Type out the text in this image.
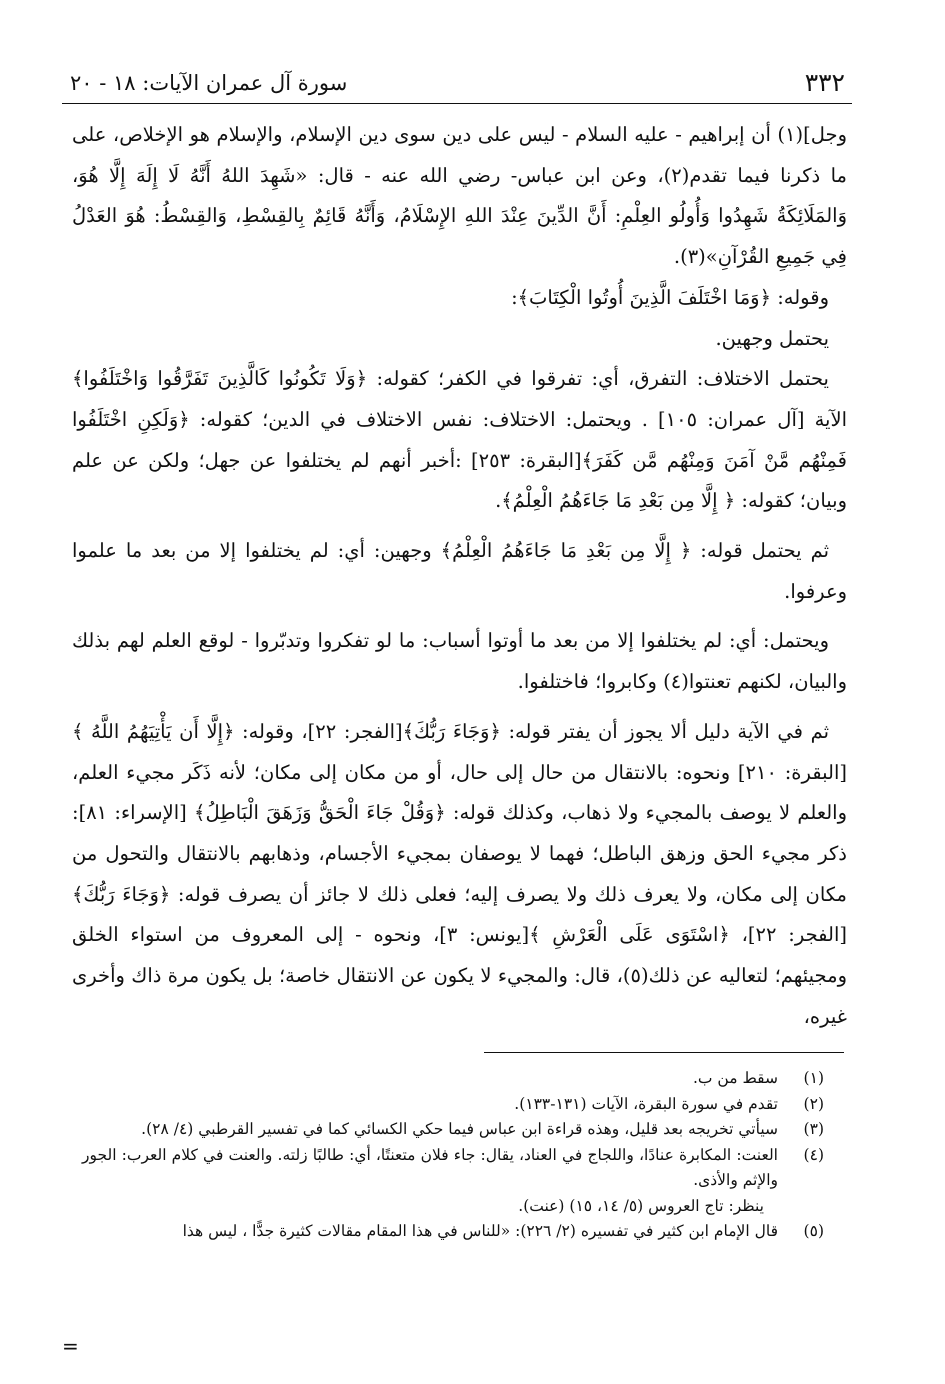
٣٣٢
سورة آل عمران الآيات: ١٨ - ٢٠

وجل](١) أن إبراهيم - عليه السلام - ليس على دين سوى دين الإسلام، والإسلام هو الإخلاص، على ما ذكرنا فيما تقدم(٢)، وعن ابن عباس- رضي الله عنه - قال: «شَهِدَ اللهُ أَنَّهُ لَا إِلَهَ إِلَّا هُوَ، وَالمَلَائِكَةُ شَهِدُوا وَأُولُو العِلْمِ: أَنَّ الدِّينَ عِنْدَ اللهِ الإِسْلَامُ، وَأَنَّهُ قَائِمٌ بِالقِسْطِ، وَالقِسْطُ: هُوَ العَدْلُ فِي جَمِيعِ القُرْآنِ»(٣).

وقوله: ﴿وَمَا اخْتَلَفَ الَّذِينَ أُوتُوا الْكِتَابَ﴾:

يحتمل وجهين.

يحتمل الاختلاف: التفرق، أي: تفرقوا في الكفر؛ كقوله: ﴿وَلَا تَكُونُوا كَالَّذِينَ تَفَرَّقُوا وَاخْتَلَفُوا﴾ الآية [آل عمران: ١٠٥] . ويحتمل: الاختلاف: نفس الاختلاف في الدين؛ كقوله: ﴿وَلَكِنِ اخْتَلَفُوا فَمِنْهُم مَّنْ آمَنَ وَمِنْهُم مَّن كَفَرَ﴾[البقرة: ٢٥٣] :أخبر أنهم لم يختلفوا عن جهل؛ ولكن عن علم وبيان؛ كقوله: ﴿ إِلَّا مِن بَعْدِ مَا جَاءَهُمُ الْعِلْمُ﴾.

ثم يحتمل قوله: ﴿ إِلَّا مِن بَعْدِ مَا جَاءَهُمُ الْعِلْمُ﴾ وجهين: أي: لم يختلفوا إلا من بعد ما علموا وعرفوا.

ويحتمل: أي: لم يختلفوا إلا من بعد ما أوتوا أسباب: ما لو تفكروا وتدبّروا - لوقع العلم لهم بذلك والبيان، لكنهم تعنتوا(٤) وكابروا؛ فاختلفوا.

ثم في الآية دليل ألا يجوز أن يفتر قوله: ﴿وَجَاءَ رَبُّكَ﴾[الفجر: ٢٢]، وقوله: ﴿إِلَّا أَن يَأْتِيَهُمُ اللَّهُ ﴾[البقرة: ٢١٠] ونحوه: بالانتقال من حال إلى حال، أو من مكان إلى مكان؛ لأنه ذَكَر مجيء العلم، والعلم لا يوصف بالمجيء ولا ذهاب، وكذلك قوله: ﴿وَقُلْ جَاءَ الْحَقُّ وَزَهَقَ الْبَاطِلُ﴾ [الإسراء: ٨١]: ذكر مجيء الحق وزهق الباطل؛ فهما لا يوصفان بمجيء الأجسام، وذهابهم بالانتقال والتحول من مكان إلى مكان، ولا يعرف ذلك ولا يصرف إليه؛ فعلى ذلك لا جائز أن يصرف قوله: ﴿وَجَاءَ رَبُّكَ﴾ [الفجر: ٢٢]، ﴿اسْتَوَى عَلَى الْعَرْشِ ﴾[يونس: ٣]، ونحوه - إلى المعروف من استواء الخلق ومجيئهم؛ لتعاليه عن ذلك(٥)، قال: والمجيء لا يكون عن الانتقال خاصة؛ بل يكون مرة ذاك وأخرى غيره،

(١)
سقط من ب.
(٢)
تقدم في سورة البقرة، الآيات (١٣١-١٣٣).
(٣)
سيأتي تخريجه بعد قليل، وهذه قراءة ابن عباس فيما حكي الكسائي كما في تفسير القرطبي (٤/ ٢٨).
(٤)
العنت: المكابرة عنادًا، واللجاج في العناد، يقال: جاء فلان متعنتًا، أي: طالبًا زلته. والعنت في كلام العرب: الجور والإثم والأذى.
ينظر: تاج العروس (٥/ ١٤، ١٥) (عنت).
(٥)
قال الإمام ابن كثير في تفسيره (٢/ ٢٢٦): «للناس في هذا المقام مقالات كثيرة جدًّا ، ليس هذا
=
